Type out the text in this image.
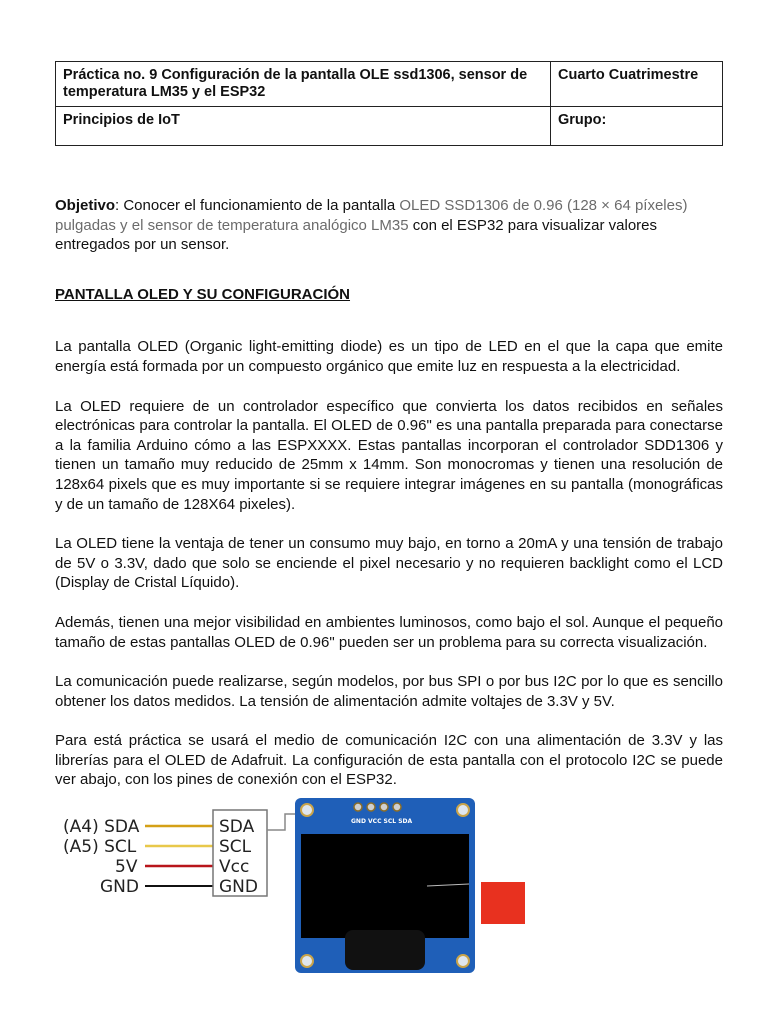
Práctica no. 9 Configuración de la pantalla OLE ssd1306, sensor de temperatura LM35 y el ESP32	Cuarto Cuatrimestre
Principios de IoT	Grupo:

Objetivo: Conocer el funcionamiento de la pantalla OLED SSD1306 de 0.96 (128 × 64 píxeles) pulgadas y el sensor de temperatura analógico LM35 con el ESP32 para visualizar valores entregados por un sensor.

PANTALLA OLED Y SU CONFIGURACIÓN

La pantalla OLED (Organic light-emitting diode) es un tipo de LED en el que la capa que emite energía está formada por un compuesto orgánico que emite luz en respuesta a la electricidad.

La OLED requiere de un controlador específico que convierta los datos recibidos en señales electrónicas para controlar la pantalla. El OLED de 0.96" es una pantalla preparada para conectarse a la familia Arduino cómo a las ESPXXXX. Estas pantallas incorporan el controlador SDD1306 y tienen un tamaño muy reducido de 25mm x 14mm. Son monocromas y tienen una resolución de 128x64 pixels que es muy importante si se requiere integrar imágenes en su pantalla (monográficas y de un tamaño de 128X64 pixeles).

La OLED tiene la ventaja de tener un consumo muy bajo, en torno a 20mA y una tensión de trabajo de 5V o 3.3V, dado que solo se enciende el pixel necesario y no requieren backlight como el LCD (Display de Cristal Líquido).

Además, tienen una mejor visibilidad en ambientes luminosos, como bajo el sol. Aunque el pequeño tamaño de estas pantallas OLED de 0.96" pueden ser un problema para su correcta visualización.

La comunicación puede realizarse, según modelos, por bus SPI o por bus I2C por lo que es sencillo obtener los datos medidos. La tensión de alimentación admite voltajes de 3.3V y 5V.

Para está práctica se usará el medio de comunicación I2C con una alimentación de 3.3V y las librerías para el OLED de Adafruit. La configuración de esta pantalla con el protocolo I2C se puede ver abajo, con los pines de conexión con el ESP32.

(A4) SDA
(A5) SCL
5V
GND
SDA
SCL
Vcc
GND
GND VCC SCL SDA
